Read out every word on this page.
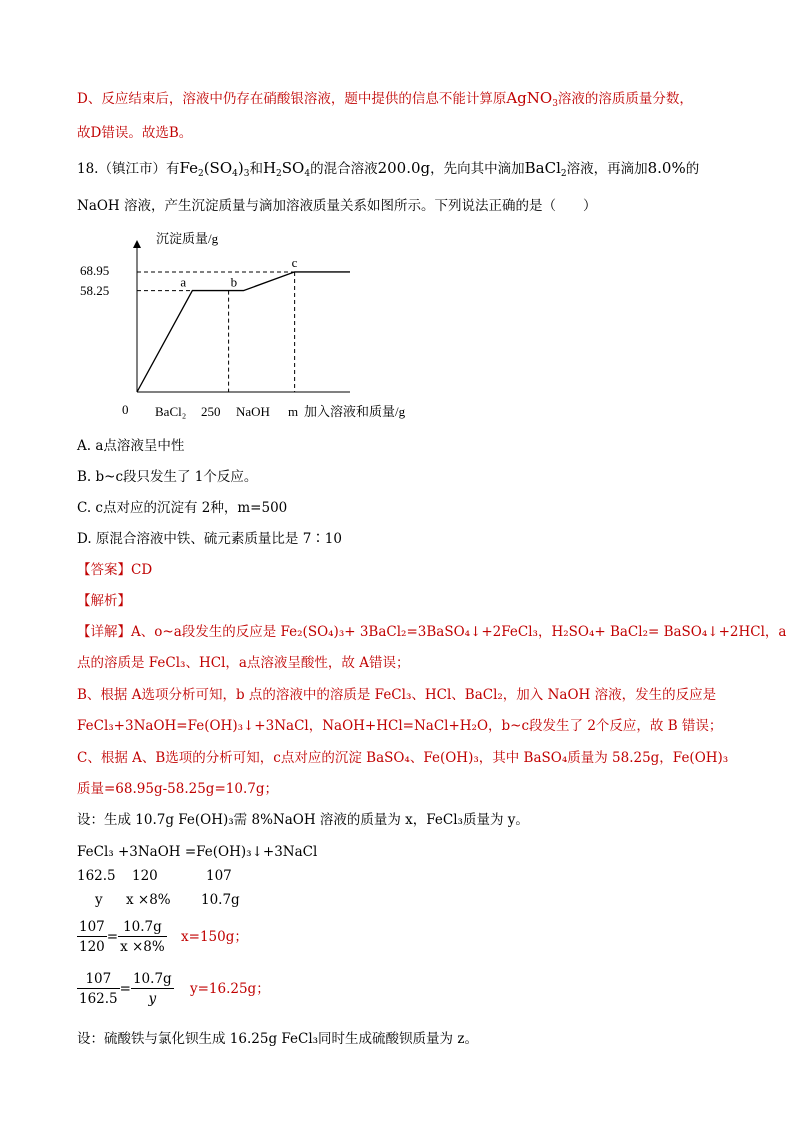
D、反应结束后，溶液中仍存在硝酸银溶液，题中提供的信息不能计算原AgNO$_3$溶液的溶质质量分数，
故D错误。故选B。
18.（镇江市）有$Fe_2(SO_4)_3$和$H_2SO_4$的混合溶液200.0g，先向其中滴加BaCl$_2$溶液，再滴加8.0%的
NaOH 溶液，产生沉淀质量与滴加溶液质量关系如图所示。下列说法正确的是（　　）
沉淀质量/g
68.95
58.25
a	b
c
0 BaCl₂ 250 NaOH m 加入溶液和质量/g
A. a点溶液呈中性
B. b~c段只发生了 1个反应。
C. c点对应的沉淀有 2种，m=500
D. 原混合溶液中铁、硫元素质量比是 7∶10
【答案】CD
【解析】
【详解】A、o~a段发生的反应是 Fe₂(SO₄)₃+ 3BaCl₂=3BaSO₄↓+2FeCl₃，H₂SO₄+ BaCl₂= BaSO₄↓+2HCl，a
点的溶质是 FeCl₃、HCl，a点溶液呈酸性，故 A错误；
B、根据 A选项分析可知，b 点的溶液中的溶质是 FeCl₃、HCl、BaCl₂，加入 NaOH 溶液，发生的反应是
FeCl₃+3NaOH=Fe(OH)₃↓+3NaCl，NaOH+HCl=NaCl+H₂O，b~c段发生了 2个反应，故 B 错误；
C、根据 A、B选项的分析可知，c点对应的沉淀 BaSO₄、Fe(OH)₃，其中 BaSO₄质量为 58.25g，Fe(OH)₃
质量=68.95g-58.25g=10.7g；
设：生成 10.7g Fe(OH)₃需 8%NaOH 溶液的质量为 x，FeCl₃质量为 y。
FeCl₃ +3NaOH =Fe(OH)₃↓+3NaCl
162.5 120	107
y x ×8% 10.7g
$\frac{107}{120} = \frac{10.7g}{x \times 8\%} x=150g$；
$\frac{107}{162.5} = \frac{10.7g}{y} y=16.25g$；
设：硫酸铁与氯化钡生成 16.25g FeCl₃同时生成硫酸钡质量为 z。
